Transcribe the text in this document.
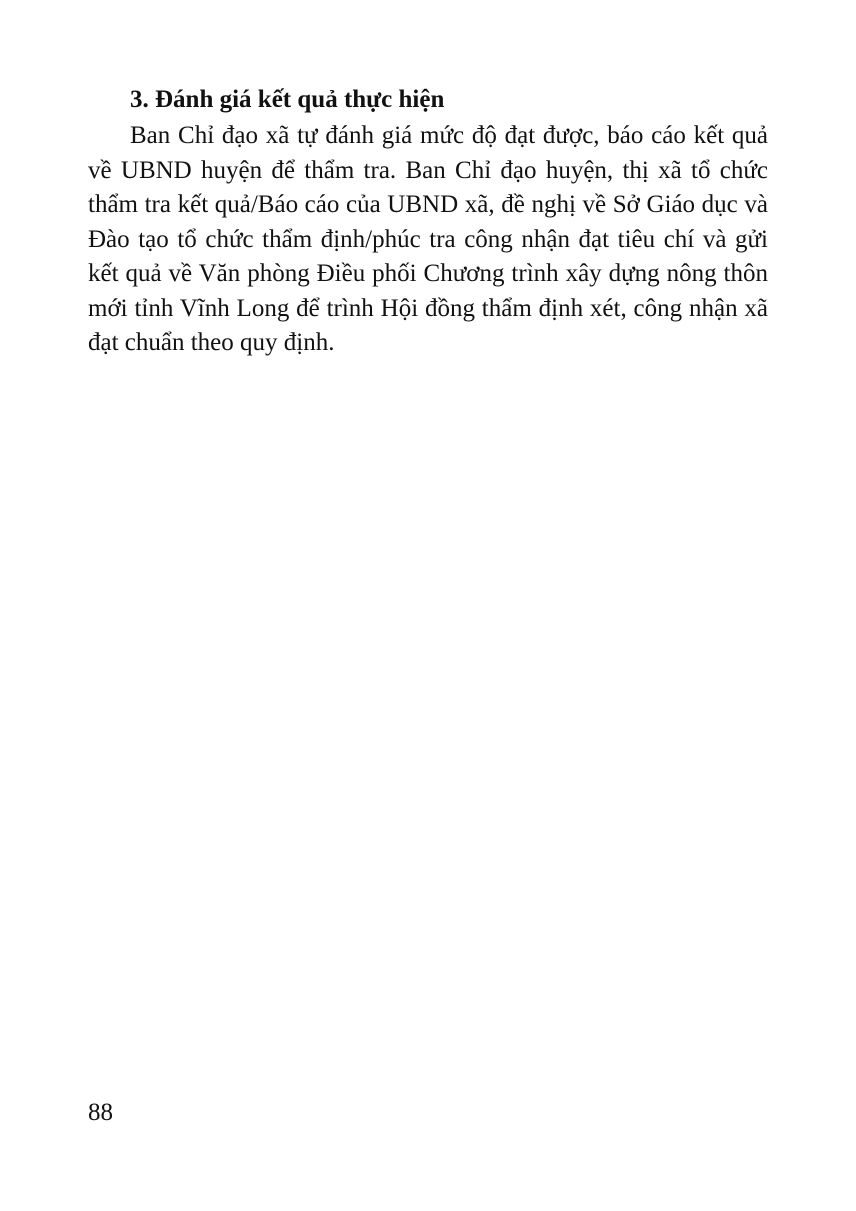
3. Đánh giá kết quả thực hiện

Ban Chỉ đạo xã tự đánh giá mức độ đạt được, báo cáo kết quả về UBND huyện để thẩm tra. Ban Chỉ đạo huyện, thị xã tổ chức thẩm tra kết quả/Báo cáo của UBND xã, đề nghị về Sở Giáo dục và Đào tạo tổ chức thẩm định/phúc tra công nhận đạt tiêu chí và gửi kết quả về Văn phòng Điều phối Chương trình xây dựng nông thôn mới tỉnh Vĩnh Long để trình Hội đồng thẩm định xét, công nhận xã đạt chuẩn theo quy định.

88
